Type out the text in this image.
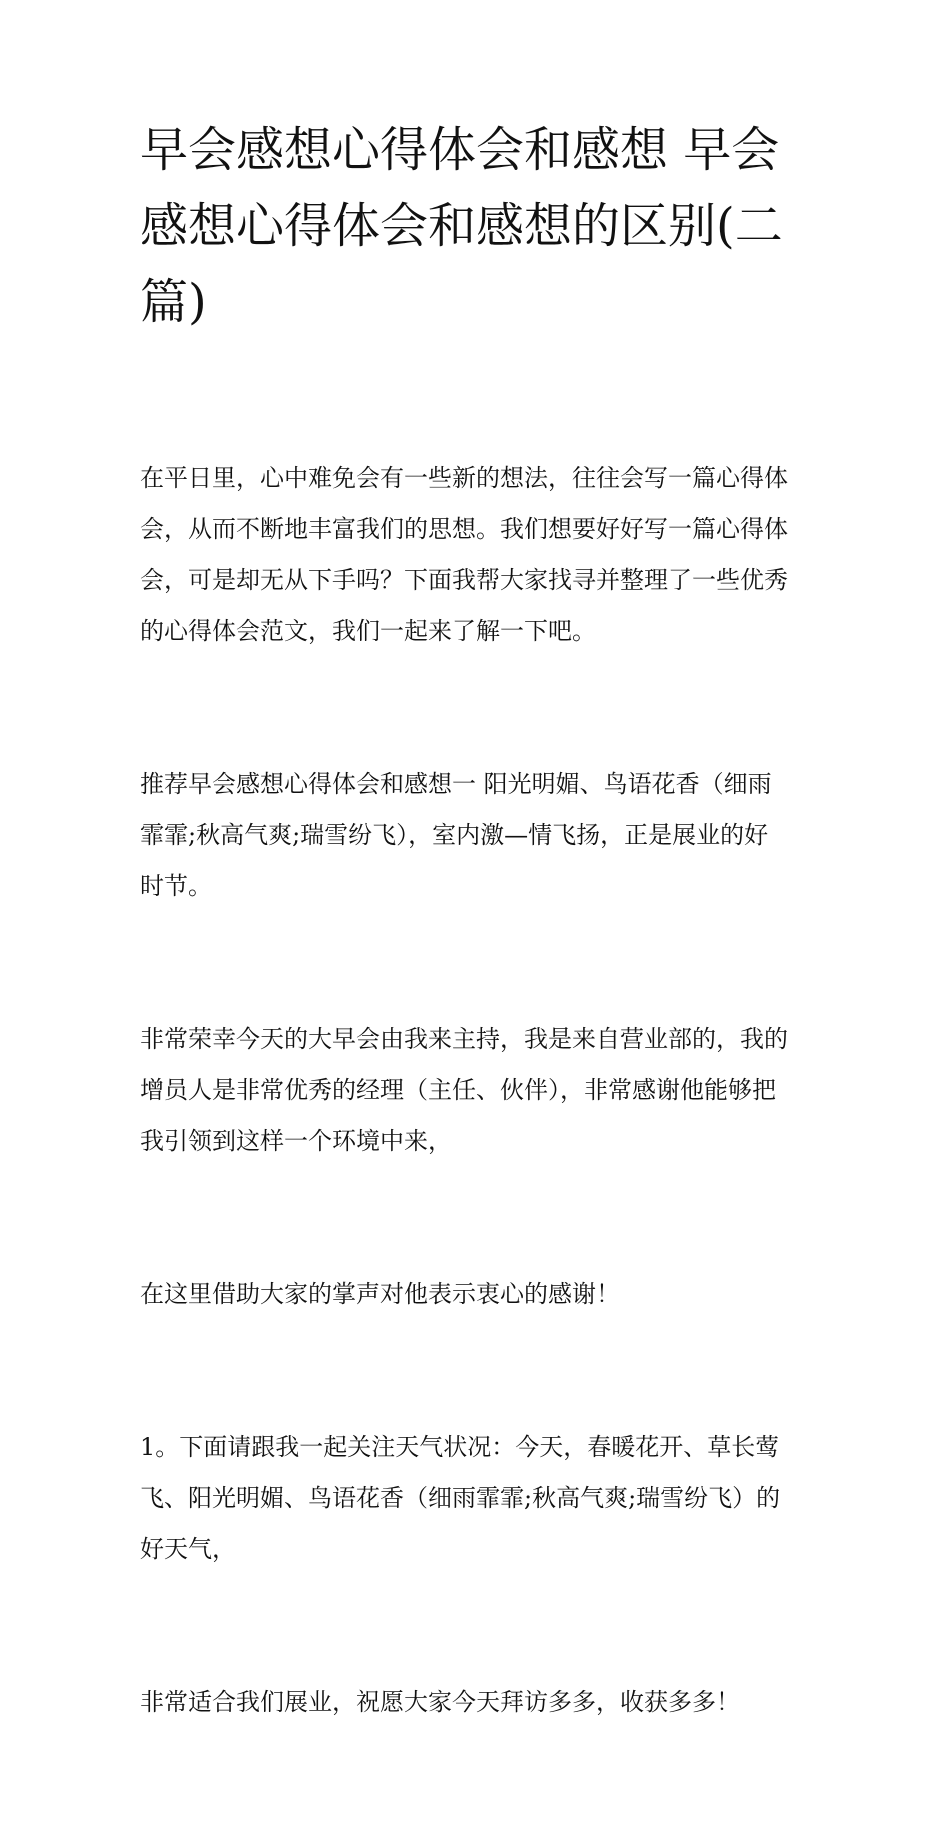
早会感想心得体会和感想 早会
感想心得体会和感想的区别(二
篇)

在平日里，心中难免会有一些新的想法，往往会写一篇心得体
会，从而不断地丰富我们的思想。我们想要好好写一篇心得体
会，可是却无从下手吗？下面我帮大家找寻并整理了一些优秀
的心得体会范文，我们一起来了解一下吧。

推荐早会感想心得体会和感想一 阳光明媚、鸟语花香（细雨
霏霏;秋高气爽;瑞雪纷飞），室内激—情飞扬，正是展业的好
时节。

非常荣幸今天的大早会由我来主持，我是来自营业部的，我的
增员人是非常优秀的经理（主任、伙伴），非常感谢他能够把
我引领到这样一个环境中来，

在这里借助大家的掌声对他表示衷心的感谢！

1。下面请跟我一起关注天气状况：今天，春暖花开、草长莺
飞、阳光明媚、鸟语花香（细雨霏霏;秋高气爽;瑞雪纷飞）的
好天气，

非常适合我们展业，祝愿大家今天拜访多多，收获多多！
